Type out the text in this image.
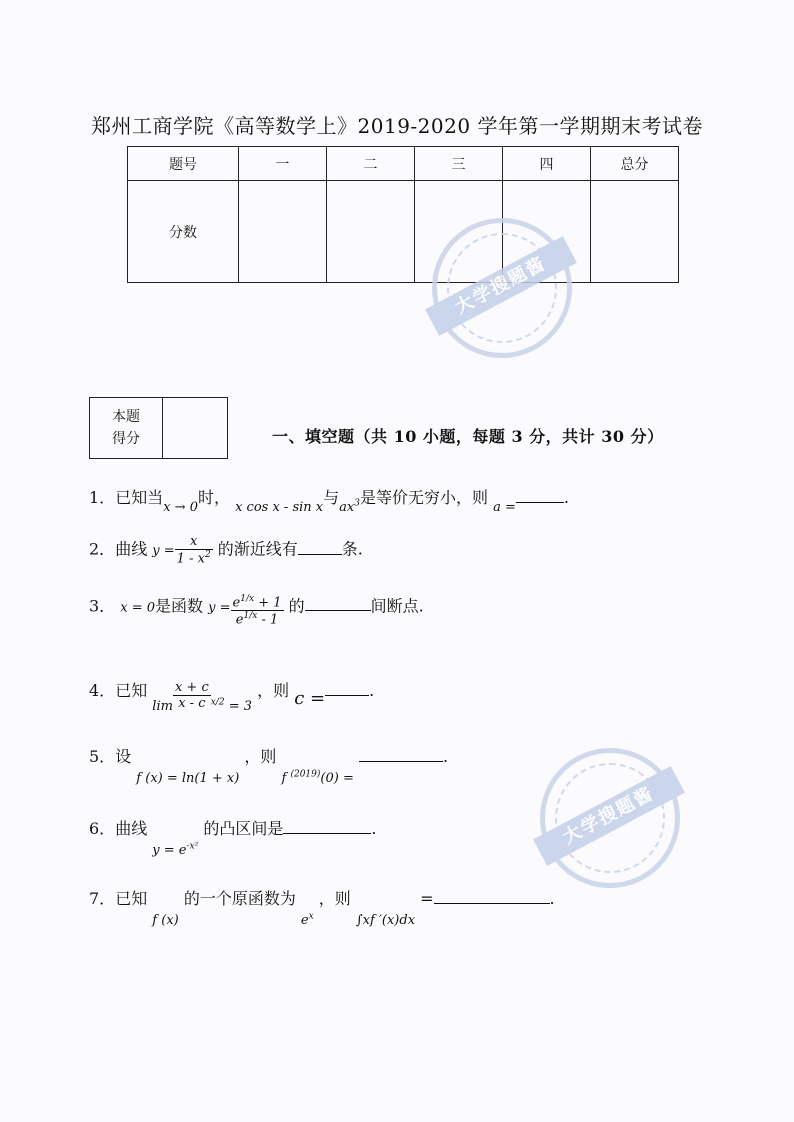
郑州工商学院《高等数学上》2019-2020 学年第一学期期末考试卷
题号	一	二	三	四	总分
分数					
大学搜题酱
大学搜题酱
本题
得分		一、填空题（共 10 小题，每题 3 分，共计 30 分）
1．已知当$_{x \to 0}$时， $_{x cos x - sin x}$与$_{ax^3}$是等价无穷小，则 $_{a =}$.
2．曲线 $y = \frac{x}{1 - x^2}$ 的渐近线有	条.
3． x = 0是函数 $y = \frac{e^{1/x} + 1}{e^{1/x} - 1}$ 的	间断点.
4．已知 $_{lim} \frac{x + c}{x - c} _{^{x/2} = 3}$ ，则 c =	.
5．设 $_{f (x) = ln(1 + x)}$ ，则 $_{f ^{(2019)}(0) =}$ .
6．曲线 $_{y = e^{-x^2}}$ 的凸区间是	.
7．已知 $_{f (x)}$ 的一个原函数为 $_{e^x}$ ，则 $_{\int xf '(x)dx}$ =	.
